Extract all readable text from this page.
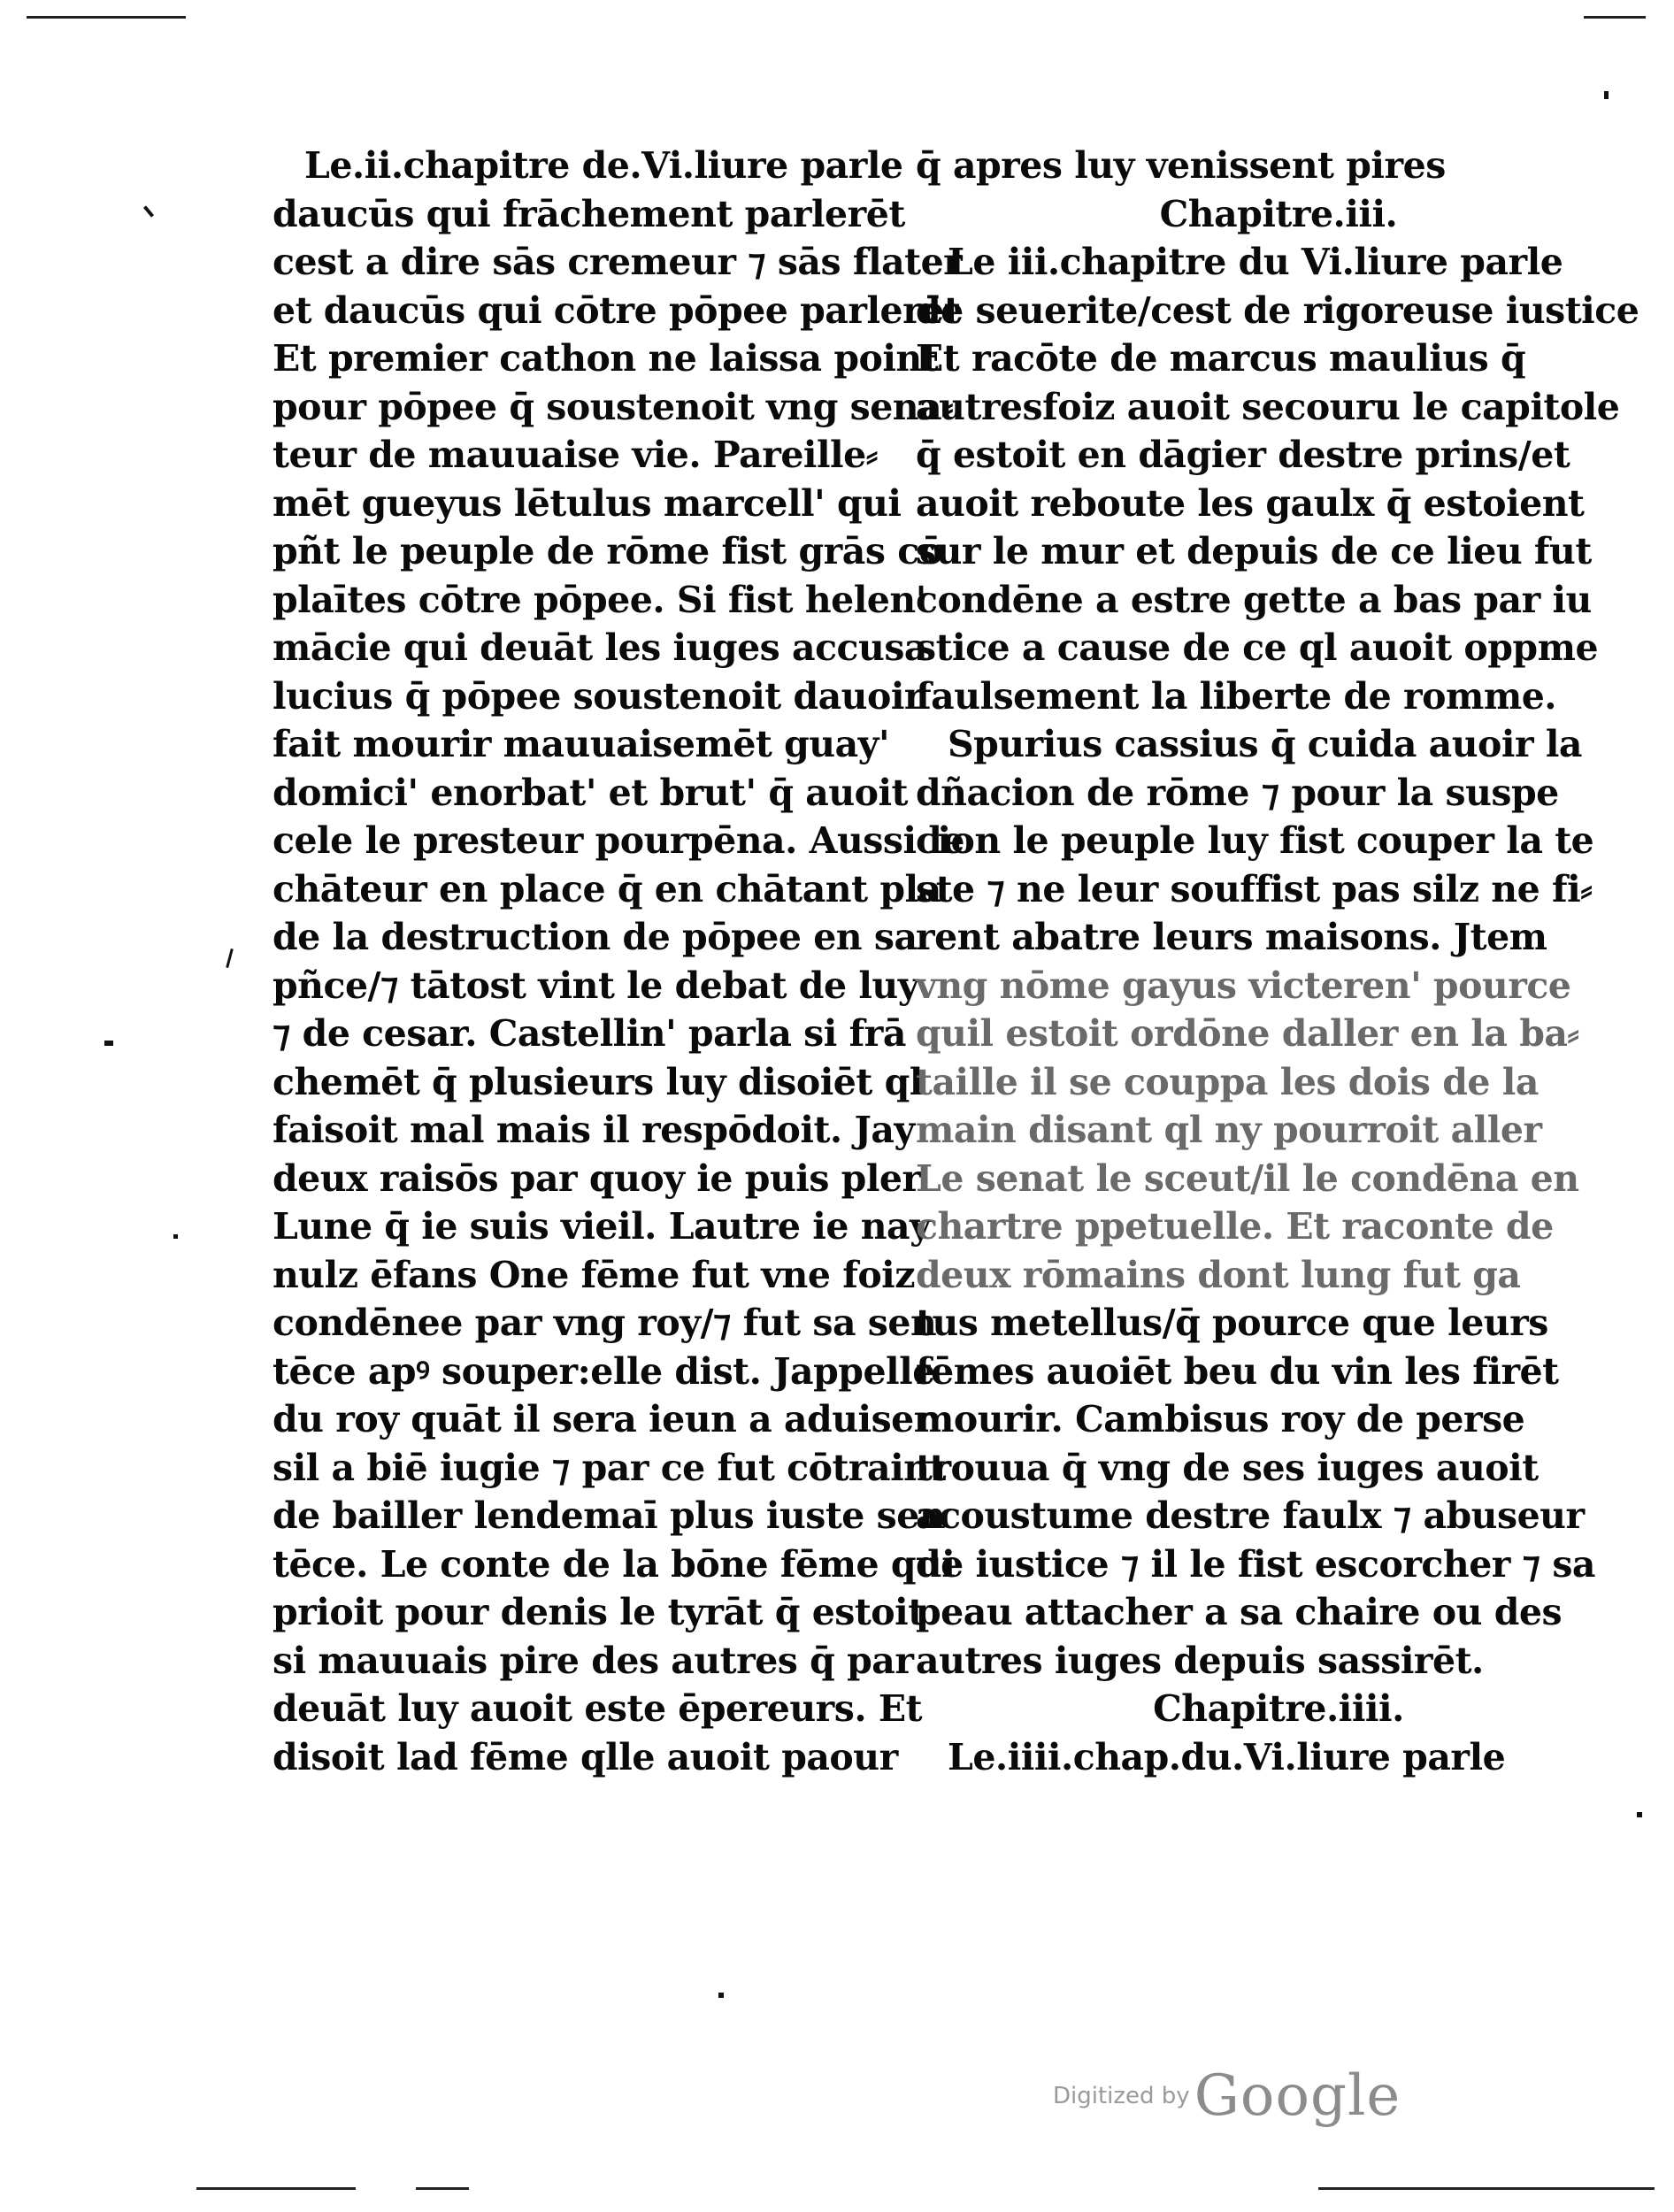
Le.ii.chapitre de.Vi.liure parle
daucūs qui frāchement parlerēt
cest a dire sās cremeur ⁊ sās flater
et daucūs qui cōtre pōpee parlerēt
Et premier cathon ne laissa point
pour pōpee q̄ soustenoit vng sena⸗
teur de mauuaise vie. Pareille⸗
mēt gueyus lētulus marcell' qui
pñt le peuple de rōme fist grās cō
plaītes cōtre pōpee. Si fist helen'
mācie qui deuāt les iuges accusa
lucius q̄ pōpee soustenoit dauoir
fait mourir mauuaisemēt guay'
domici' enorbat' et brut' q̄ auoit
cele le presteur pourpēna. Aussi le
chāteur en place q̄ en chātant pla
de la destruction de pōpee en sa
pñce/⁊ tātost vint le debat de luy
⁊ de cesar. Castellin' parla si frā
chemēt q̄ plusieurs luy disoiēt ql
faisoit mal mais il respōdoit. Jay
deux raisōs par quoy ie puis pler
Lune q̄ ie suis vieil. Lautre ie nay
nulz ēfans One fēme fut vne foiz
condēnee par vng roy/⁊ fut sa sen
tēce apꝰ souper:elle dist. Jappelle
du roy quāt il sera ieun a aduiser
sil a biē iugie ⁊ par ce fut cōtraint
de bailler lendemaī plus iuste sen
tēce. Le conte de la bōne fēme qui
prioit pour denis le tyrāt q̄ estoit
si mauuais pire des autres q̄ par
deuāt luy auoit este ēpereurs. Et
disoit lad fēme qlle auoit paour
q̄ apres luy venissent pires
Chapitre.iii.
Le iii.chapitre du Vi.liure parle
de seuerite/cest de rigoreuse iustice
Et racōte de marcus maulius q̄
autresfoiz auoit secouru le capitole
q̄ estoit en dāgier destre prins/et
auoit reboute les gaulx q̄ estoient
sur le mur et depuis de ce lieu fut
condēne a estre gette a bas par iu
stice a cause de ce ql auoit oppme
faulsement la liberte de romme.
Spurius cassius q̄ cuida auoir la
dñacion de rōme ⁊ pour la suspe
cion le peuple luy fist couper la te
ste ⁊ ne leur souffist pas silz ne fi⸗
rent abatre leurs maisons. Jtem
vng nōme gayus victeren' pource
quil estoit ordōne daller en la ba⸗
taille il se couppa les dois de la
main disant ql ny pourroit aller
Le senat le sceut/il le condēna en
chartre ppetuelle. Et raconte de
deux rōmains dont lung fut ga
tus metellus/q̄ pource que leurs
fēmes auoiēt beu du vin les firēt
mourir. Cambisus roy de perse
trouua q̄ vng de ses iuges auoit
acoustume destre faulx ⁊ abuseur
de iustice ⁊ il le fist escorcher ⁊ sa
peau attacher a sa chaire ou des
autres iuges depuis sassirēt.
Chapitre.iiii.
Le.iiii.chap.du.Vi.liure parle
Digitized by Google
